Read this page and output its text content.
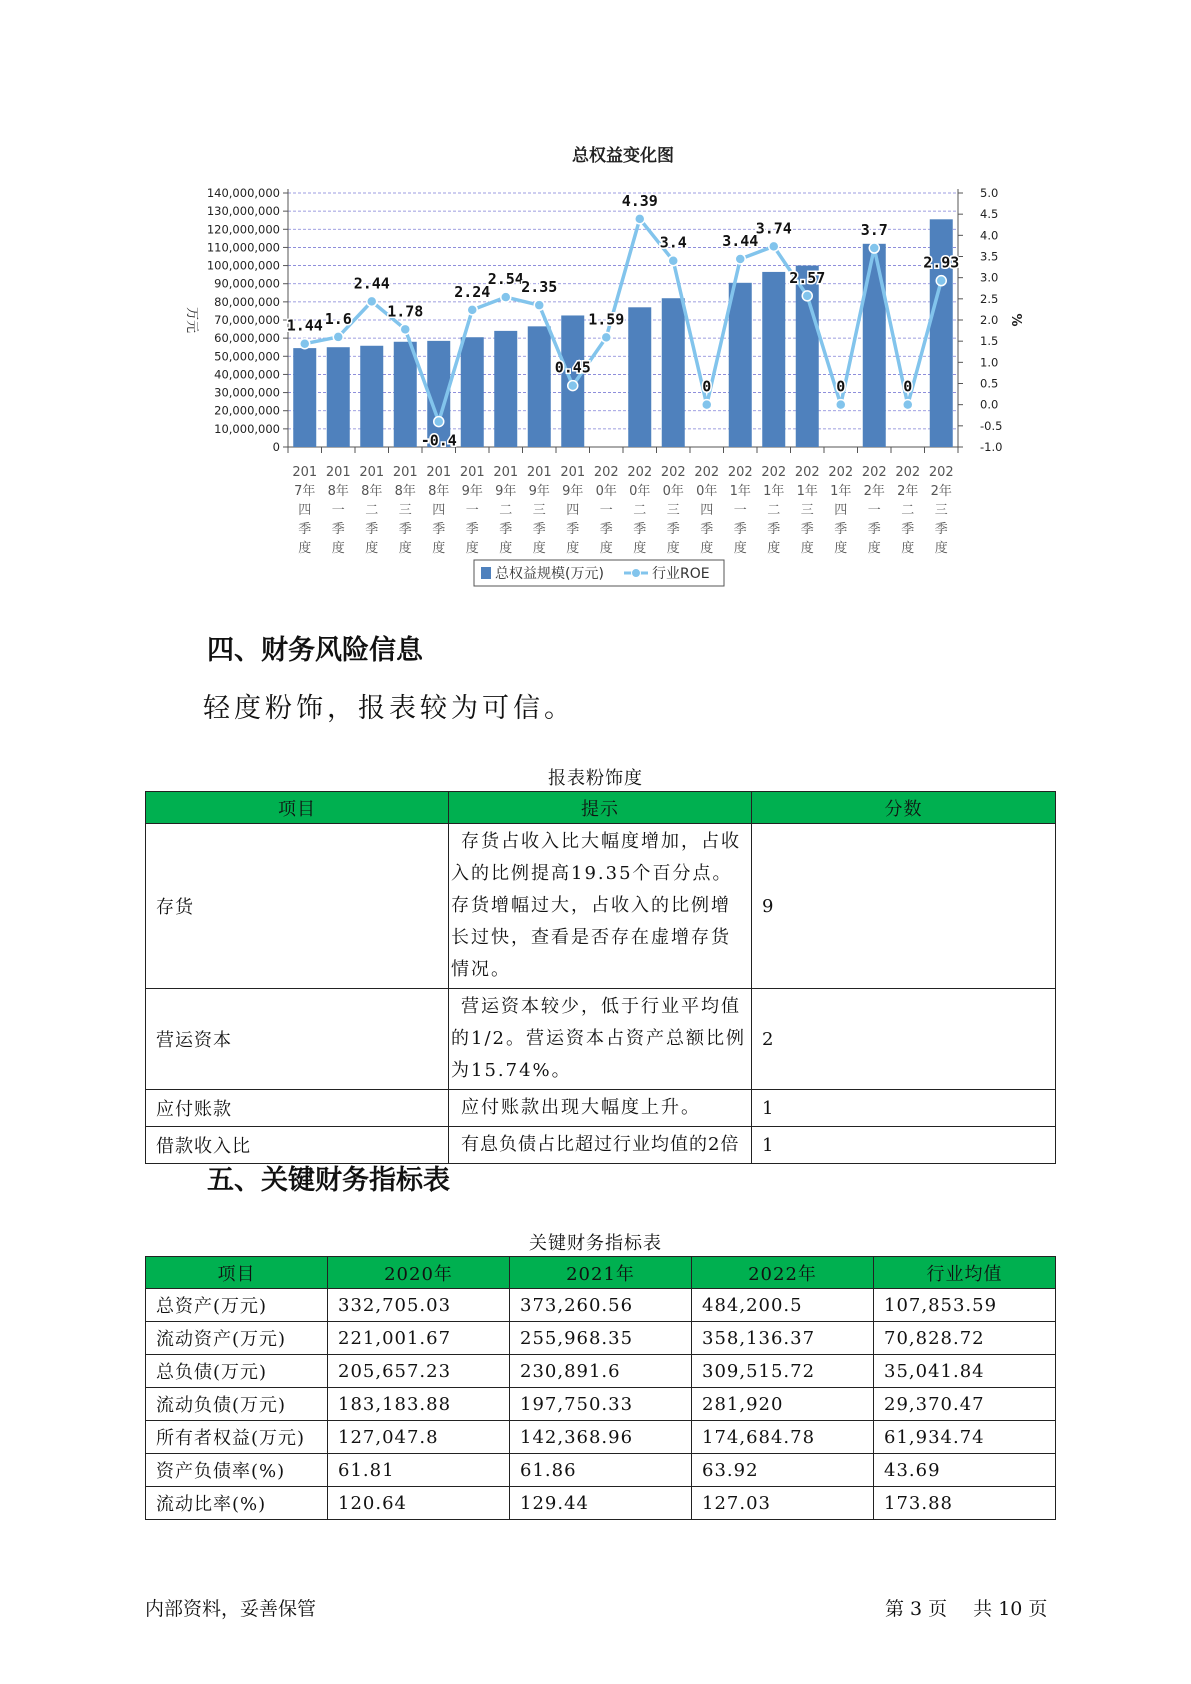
总权益变化图
0
10,000,000
20,000,000
30,000,000
40,000,000
50,000,000
60,000,000
70,000,000
80,000,000
90,000,000
100,000,000
110,000,000
120,000,000
130,000,000
140,000,000
-1.0
-0.5
0.0
0.5
1.0
1.5
2.0
2.5
3.0
3.5
4.0
4.5
5.0
万元	%
201
7年
四
季
度
201
8年
一
季
度
201
8年
二
季
度
201
8年
三
季
度
201
8年
四
季
度
201
9年
一
季
度
201
9年
二
季
度
201
9年
三
季
度
201
9年
四
季
度
202
0年
一
季
度
202
0年
二
季
度
202
0年
三
季
度
202
0年
四
季
度
202
1年
一
季
度
202
1年
二
季
度
202
1年
三
季
度
202
1年
四
季
度
202
2年
一
季
度
202
2年
二
季
度
202
2年
三
季
度
1.44 1.6
2.44
1.78
-0.4
2.24
2.54
2.35
0.45
1.59
4.39
3.4
0
3.44
3.74
2.57
0
3.7
0
2.93
总权益规模(万元)	行业ROE
四、财务风险信息

轻度粉饰，报表较为可信。

报表粉饰度
项目	提示	分数
存货	存货占收入比大幅度增加，占收入的比例提高19.35个百分点。存货增幅过大，占收入的比例增长过快，查看是否存在虚增存货情况。	9
营运资本	营运资本较少，低于行业平均值的1/2。营运资本占资产总额比例为15.74%。	2
应付账款	应付账款出现大幅度上升。	1
借款收入比	有息负债占比超过行业均值的2倍	1
五、关键财务指标表
关键财务指标表
项目	2020年	2021年	2022年	行业均值
总资产(万元)	332,705.03	373,260.56	484,200.5	107,853.59
流动资产(万元)	221,001.67	255,968.35	358,136.37	70,828.72
总负债(万元)	205,657.23	230,891.6	309,515.72	35,041.84
流动负债(万元)	183,183.88	197,750.33	281,920	29,370.47
所有者权益(万元)	127,047.8	142,368.96	174,684.78	61,934.74
资产负债率(%)	61.81	61.86	63.92	43.69
流动比率(%)	120.64	129.44	127.03	173.88
内部资料，妥善保管	第 3 页 共 10 页
